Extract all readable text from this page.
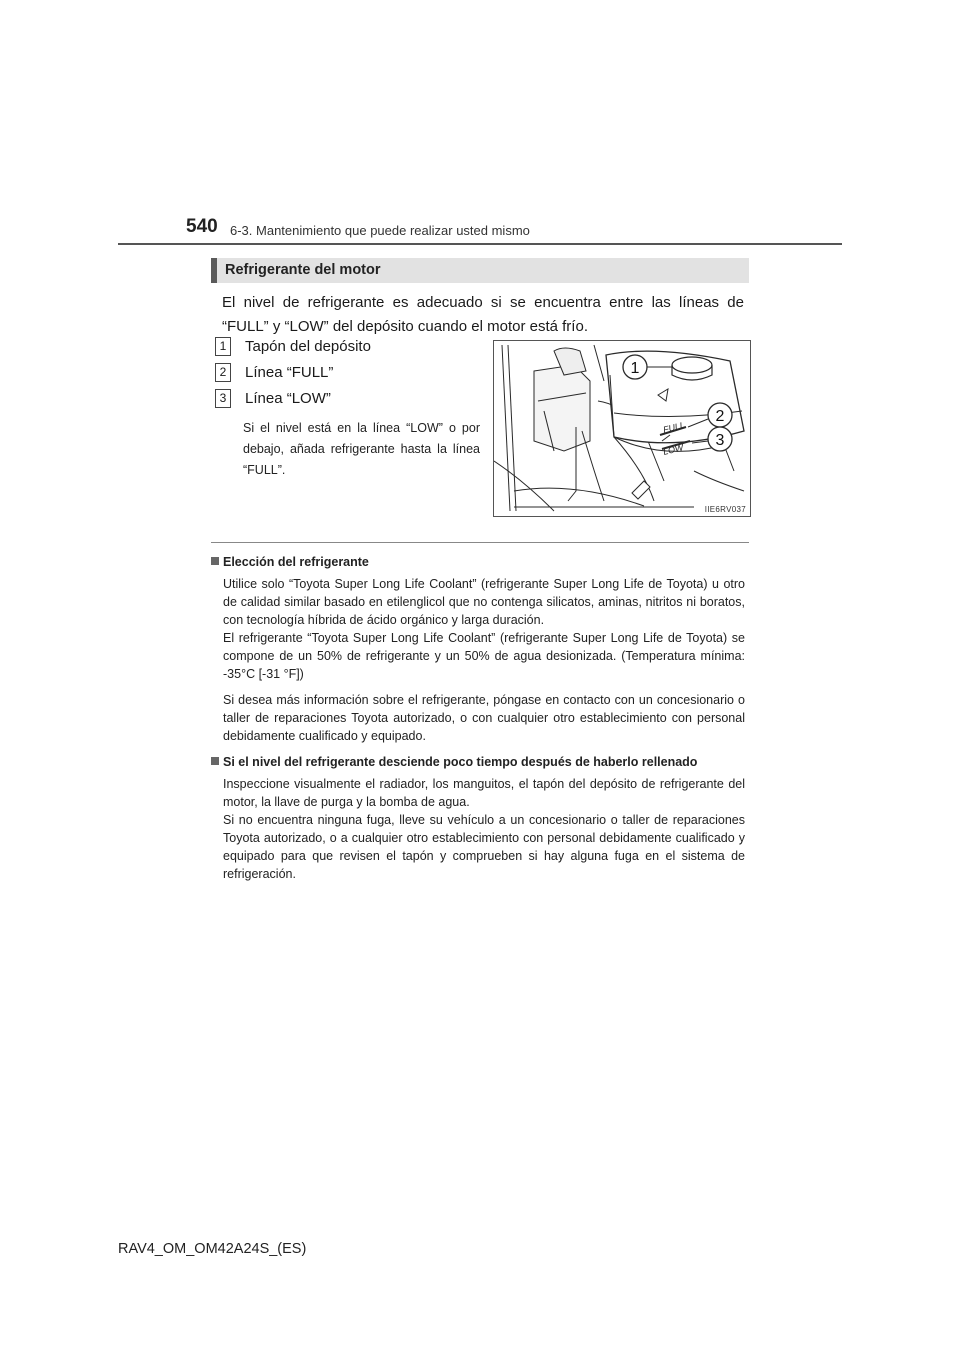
540 6-3. Mantenimiento que puede realizar usted mismo
Refrigerante del motor
El nivel de refrigerante es adecuado si se encuentra entre las líneas de “FULL” y “LOW” del depósito cuando el motor está frío.
1 Tapón del depósito
2 Línea “FULL”
3 Línea “LOW”
Si el nivel está en la línea “LOW” o por debajo, añada refrigerante hasta la línea “FULL”.
FULL
LOW
1
2
3
IIE6RV037
Elección del refrigerante
Utilice solo “Toyota Super Long Life Coolant” (refrigerante Super Long Life de Toyota) u otro de calidad similar basado en etilenglicol que no contenga silicatos, aminas, nitritos ni boratos, con tecnología híbrida de ácido orgánico y larga duración.
El refrigerante “Toyota Super Long Life Coolant” (refrigerante Super Long Life de Toyota) se compone de un 50% de refrigerante y un 50% de agua desionizada. (Temperatura mínima: -35°C [-31 °F])
Si desea más información sobre el refrigerante, póngase en contacto con un concesionario o taller de reparaciones Toyota autorizado, o con cualquier otro establecimiento con personal debidamente cualificado y equipado.
Si el nivel del refrigerante desciende poco tiempo después de haberlo rellenado
Inspeccione visualmente el radiador, los manguitos, el tapón del depósito de refrigerante del motor, la llave de purga y la bomba de agua.
Si no encuentra ninguna fuga, lleve su vehículo a un concesionario o taller de reparaciones Toyota autorizado, o a cualquier otro establecimiento con personal debidamente cualificado y equipado para que revisen el tapón y comprueben si hay alguna fuga en el sistema de refrigeración.
RAV4_OM_OM42A24S_(ES)
